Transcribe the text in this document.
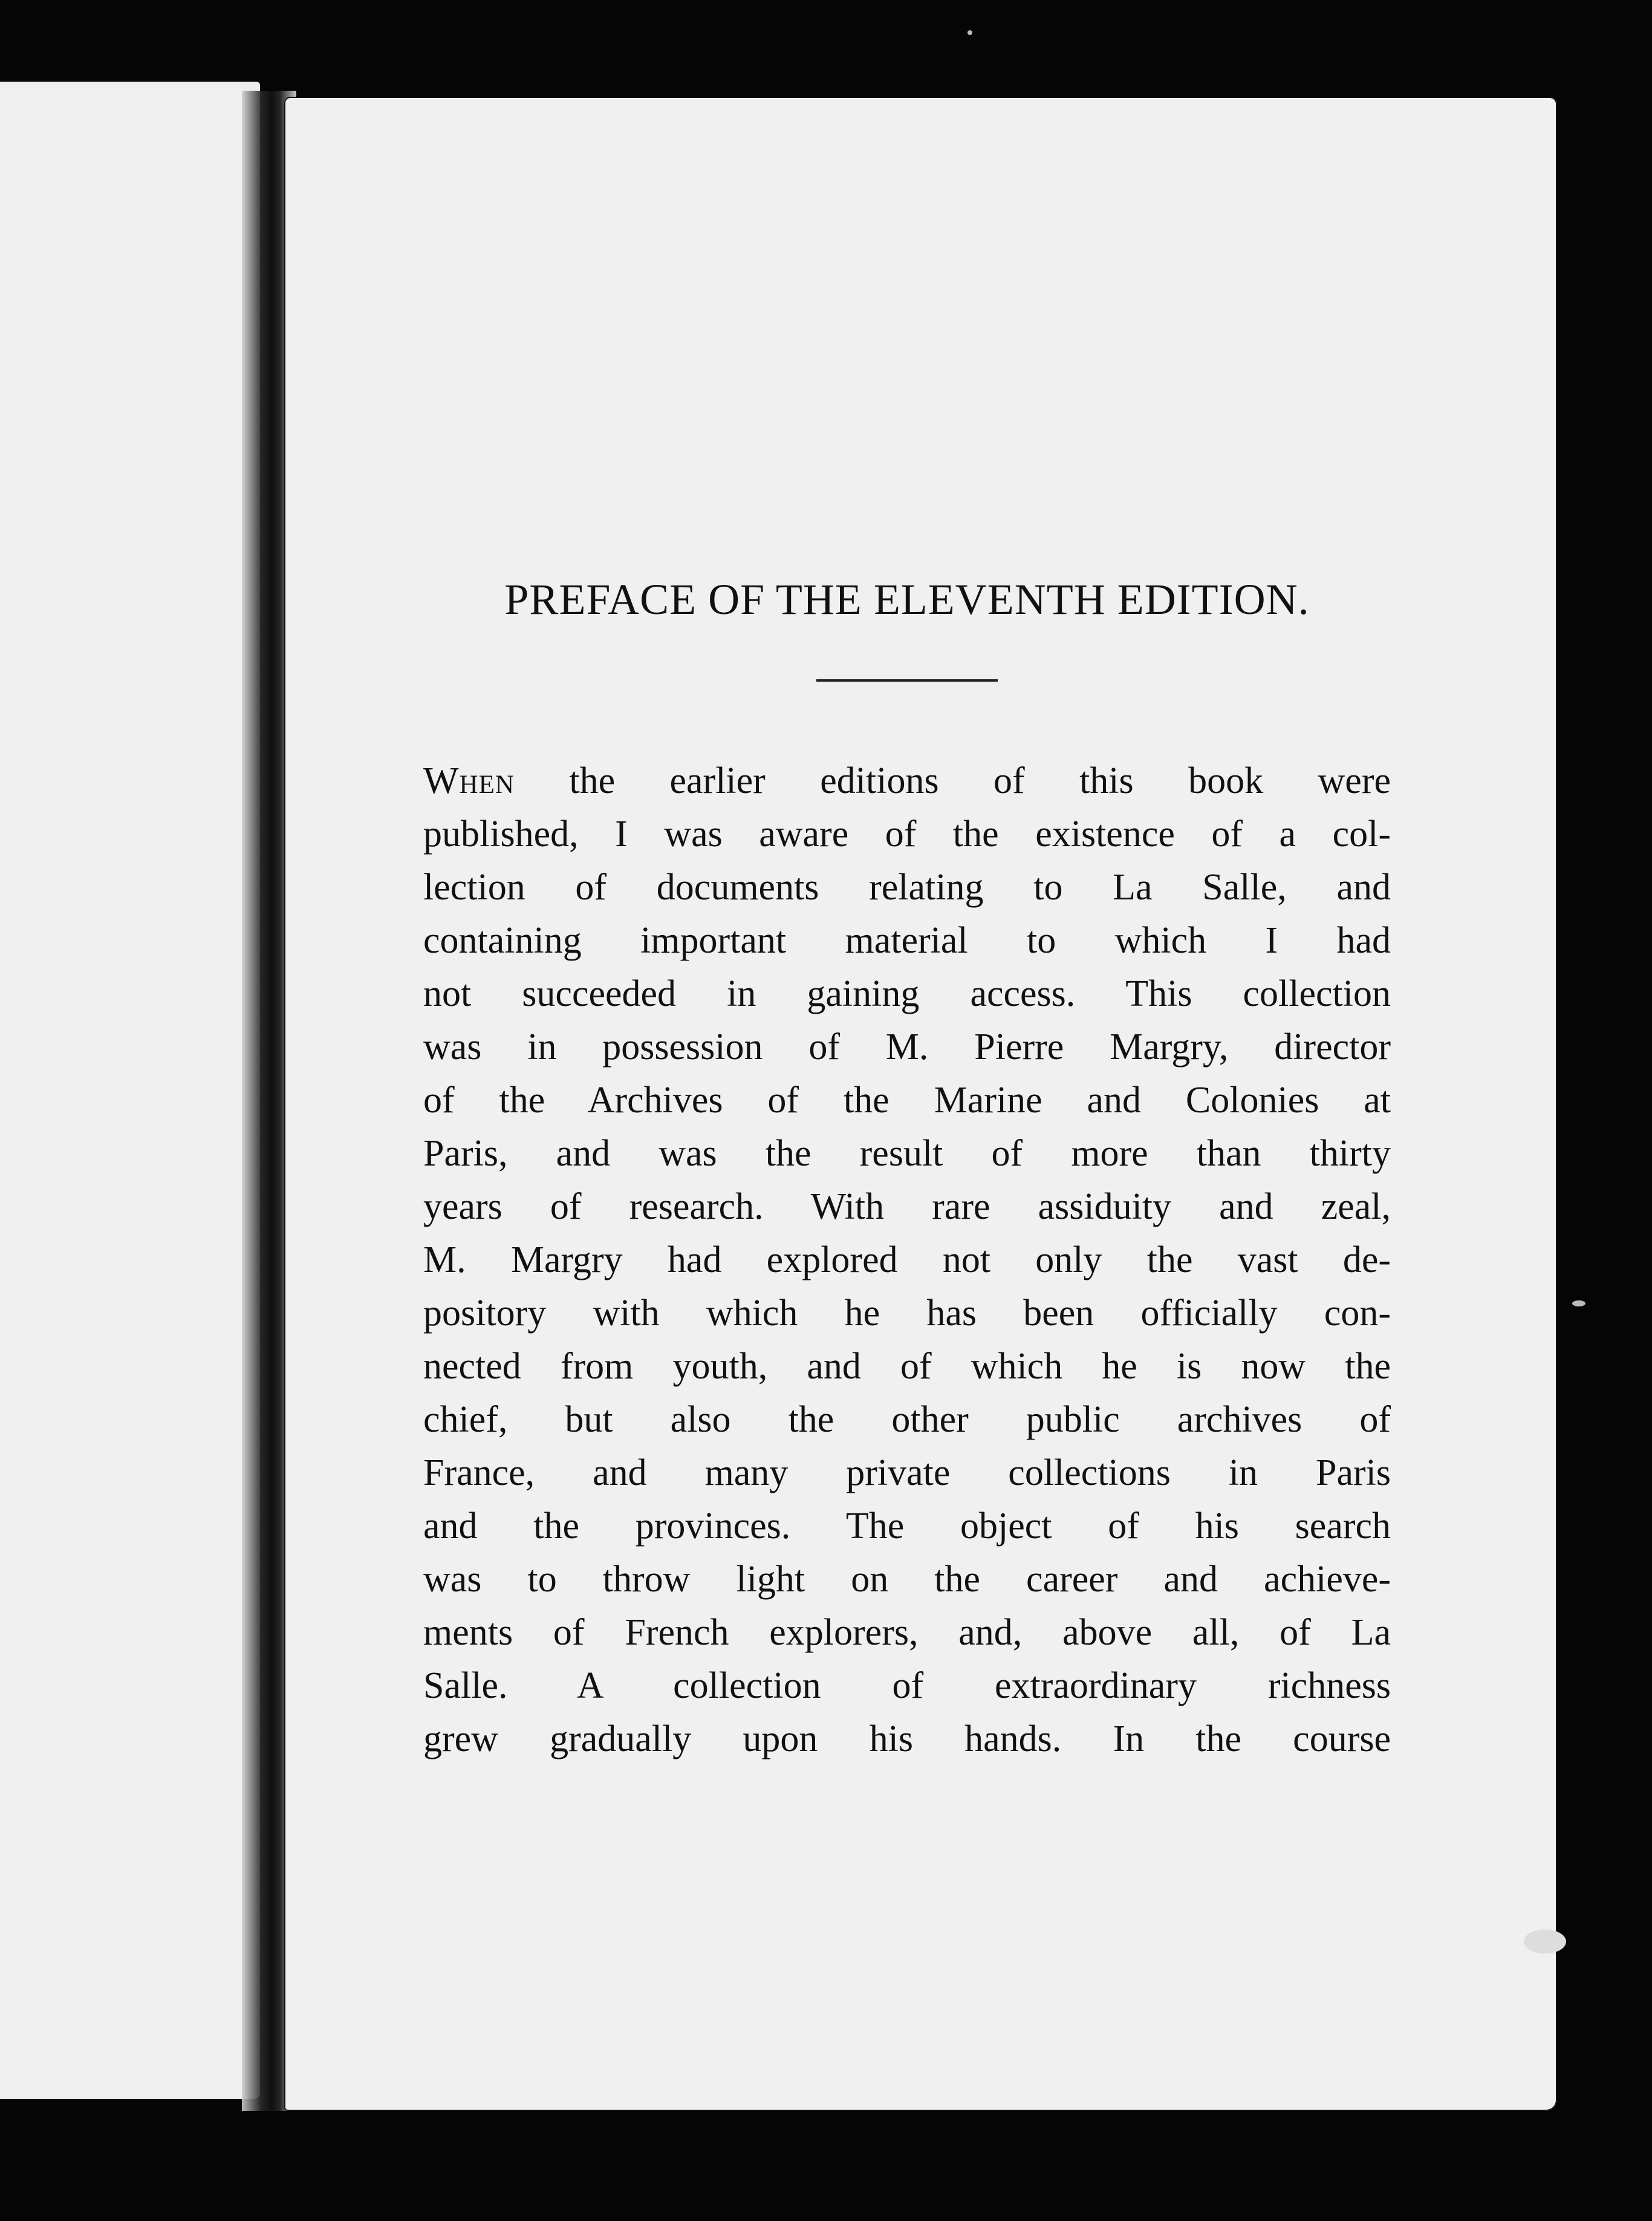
PREFACE OF THE ELEVENTH EDITION.

When the earlier editions of this book were
published, I was aware of the existence of a col-
lection of documents relating to La Salle, and
containing important material to which I had
not succeeded in gaining access. This collection
was in possession of M. Pierre Margry, director
of the Archives of the Marine and Colonies at
Paris, and was the result of more than thirty
years of research. With rare assiduity and zeal,
M. Margry had explored not only the vast de-
pository with which he has been officially con-
nected from youth, and of which he is now the
chief, but also the other public archives of
France, and many private collections in Paris
and the provinces. The object of his search
was to throw light on the career and achieve-
ments of French explorers, and, above all, of La
Salle. A collection of extraordinary richness
grew gradually upon his hands. In the course
